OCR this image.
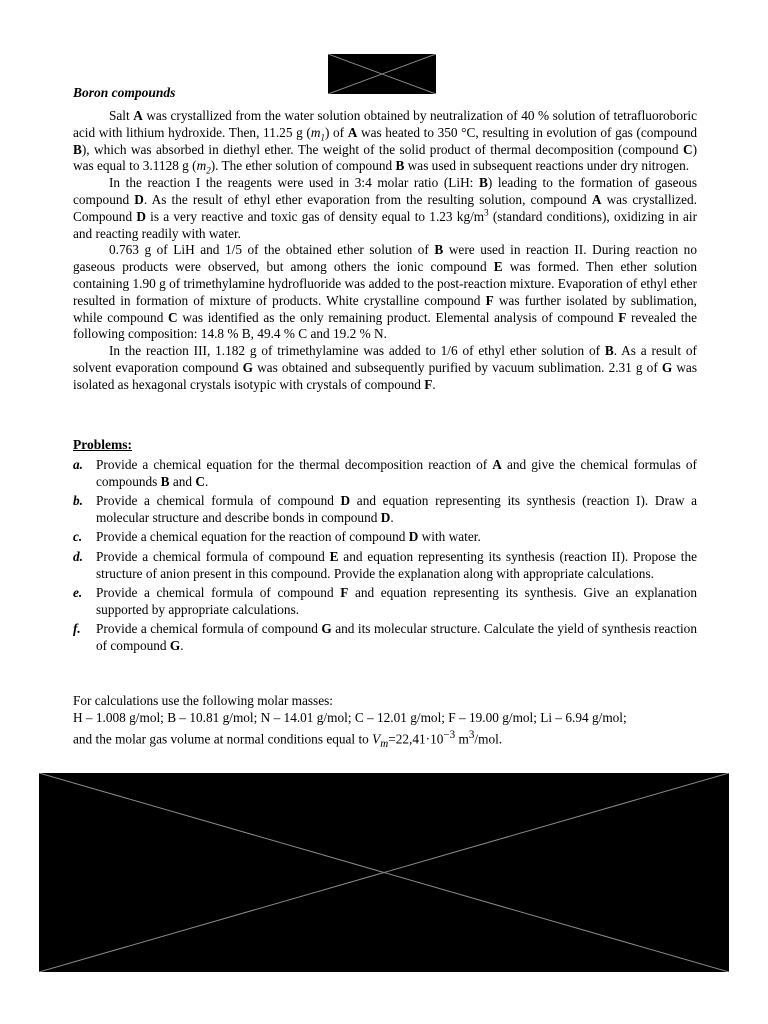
Boron compounds

Salt A was crystallized from the water solution obtained by neutralization of 40 % solution of tetrafluoroboric acid with lithium hydroxide. Then, 11.25 g $(m_1)$ of A was heated to 350 °C, resulting in evolution of gas (compound B), which was absorbed in diethyl ether. The weight of the solid product of thermal decomposition (compound C) was equal to 3.1128 g $(m_2)$. The ether solution of compound B was used in subsequent reactions under dry nitrogen.

In the reaction I the reagents were used in 3:4 molar ratio (LiH: B) leading to the formation of gaseous compound D. As the result of ethyl ether evaporation from the resulting solution, compound A was crystallized. Compound D is a very reactive and toxic gas of density equal to 1.23 $kg/m^3$ (standard conditions), oxidizing in air and reacting readily with water.

0.763 g of LiH and 1/5 of the obtained ether solution of B were used in reaction II. During reaction no gaseous products were observed, but among others the ionic compound E was formed. Then ether solution containing 1.90 g of trimethylamine hydrofluoride was added to the post-reaction mixture. Evaporation of ethyl ether resulted in formation of mixture of products. White crystalline compound F was further isolated by sublimation, while compound C was identified as the only remaining product. Elemental analysis of compound F revealed the following composition: 14.8 % B, 49.4 % C and 19.2 % N.

In the reaction III, 1.182 g of trimethylamine was added to 1/6 of ethyl ether solution of B. As a result of solvent evaporation compound G was obtained and subsequently purified by vacuum sublimation. 2.31 g of G was isolated as hexagonal crystals isotypic with crystals of compound F.

Problems:
a. Provide a chemical equation for the thermal decomposition reaction of A and give the chemical formulas of compounds B and C.
b. Provide a chemical formula of compound D and equation representing its synthesis (reaction I). Draw a molecular structure and describe bonds in compound D.
c. Provide a chemical equation for the reaction of compound D with water.
d. Provide a chemical formula of compound E and equation representing its synthesis (reaction II). Propose the structure of anion present in this compound. Provide the explanation along with appropriate calculations.
e. Provide a chemical formula of compound F and equation representing its synthesis. Give an explanation supported by appropriate calculations.
f. Provide a chemical formula of compound G and its molecular structure. Calculate the yield of synthesis reaction of compound G.
For calculations use the following molar masses:
H – 1.008 g/mol; B – 10.81 g/mol; N – 14.01 g/mol; C – 12.01 g/mol; F – 19.00 g/mol; Li – 6.94 g/mol;
and the molar gas volume at normal conditions equal to $V_m=22,41\cdot 10^{-3}$ $m^3$/mol.
